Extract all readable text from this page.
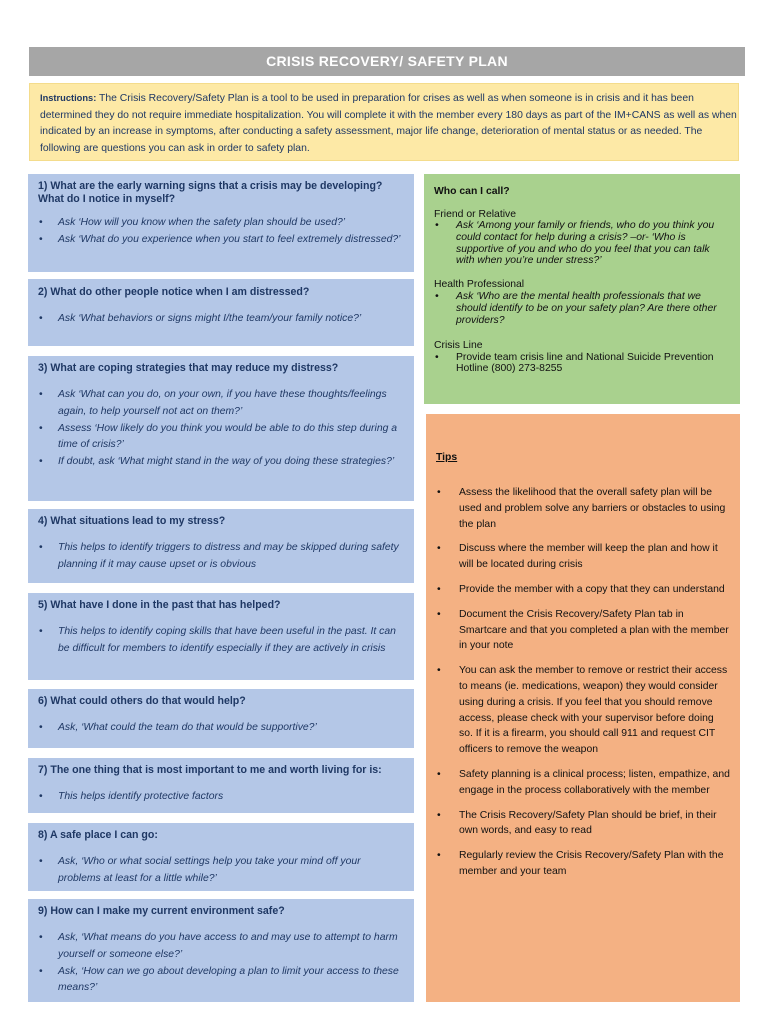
CRISIS RECOVERY/ SAFETY PLAN
Instructions: The Crisis Recovery/Safety Plan is a tool to be used in preparation for crises as well as when someone is in crisis and it has been determined they do not require immediate hospitalization. You will complete it with the member every 180 days as part of the IM+CANS as well as when indicated by an increase in symptoms, after conducting a safety assessment, major life change, deterioration of mental status or as needed. The following are questions you can ask in order to safety plan.
1) What are the early warning signs that a crisis may be developing? What do I notice in myself?
• Ask ‘How will you know when the safety plan should be used?’
• Ask ‘What do you experience when you start to feel extremely distressed?’
2) What do other people notice when I am distressed?
• Ask ‘What behaviors or signs might I/the team/your family notice?’
3) What are coping strategies that may reduce my distress?
• Ask ‘What can you do, on your own, if you have these thoughts/feelings again, to help yourself not act on them?’
• Assess ‘How likely do you think you would be able to do this step during a time of crisis?’
• If doubt, ask ‘What might stand in the way of you doing these strategies?’
4) What situations lead to my stress?
• This helps to identify triggers to distress and may be skipped during safety planning if it may cause upset or is obvious
5) What have I done in the past that has helped?
• This helps to identify coping skills that have been useful in the past. It can be difficult for members to identify especially if they are actively in crisis
6) What could others do that would help?
• Ask, ‘What could the team do that would be supportive?’
7) The one thing that is most important to me and worth living for is:
• This helps identify protective factors
8) A safe place I can go:
• Ask, ‘Who or what social settings help you take your mind off your problems at least for a little while?’
9) How can I make my current environment safe?
• Ask, ‘What means do you have access to and may use to attempt to harm yourself or someone else?’
• Ask, ‘How can we go about developing a plan to limit your access to these means?’
Who can I call?
Friend or Relative
• Ask ‘Among your family or friends, who do you think you could contact for help during a crisis? –or- ‘Who is supportive of you and who do you feel that you can talk with when you’re under stress?’
Health Professional
• Ask ‘Who are the mental health professionals that we should identify to be on your safety plan? Are there other providers?
Crisis Line
• Provide team crisis line and National Suicide Prevention Hotline (800) 273-8255
Tips
• Assess the likelihood that the overall safety plan will be used and problem solve any barriers or obstacles to using the plan
• Discuss where the member will keep the plan and how it will be located during crisis
• Provide the member with a copy that they can understand
• Document the Crisis Recovery/Safety Plan tab in Smartcare and that you completed a plan with the member in your note
• You can ask the member to remove or restrict their access to means (ie. medications, weapon) they would consider using during a crisis. If you feel that you should remove access, please check with your supervisor before doing so. If it is a firearm, you should call 911 and request CIT officers to remove the weapon
• Safety planning is a clinical process; listen, empathize, and engage in the process collaboratively with the member
• The Crisis Recovery/Safety Plan should be brief, in their own words, and easy to read
• Regularly review the Crisis Recovery/Safety Plan with the member and your team
